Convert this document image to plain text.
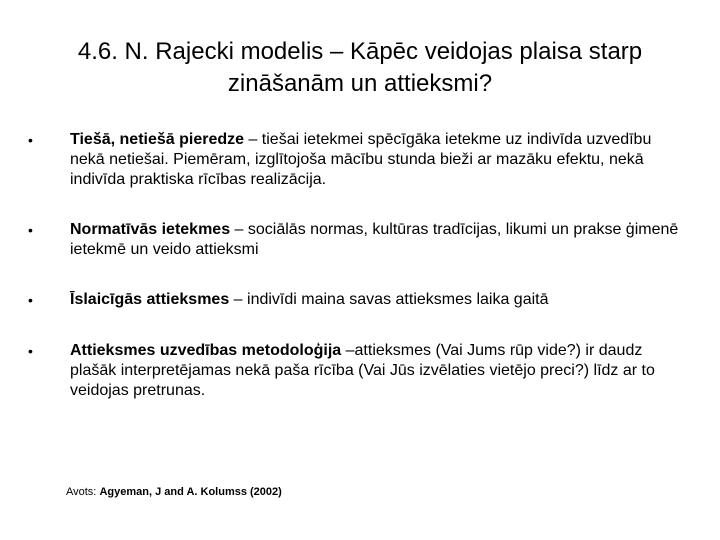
4.6. N. Rajecki modelis – Kāpēc veidojas plaisa starp zināšanām un attieksmi?
• Tiešā, netiešā pieredze – tiešai ietekmei spēcīgāka ietekme uz indivīda uzvedību nekā netiešai. Piemēram, izglītojoša mācību stunda bieži ar mazāku efektu, nekā indivīda praktiska rīcības realizācija.
• Normatīvās ietekmes – sociālās normas, kultūras tradīcijas, likumi un prakse ģimenē ietekmē un veido attieksmi
• Īslaicīgās attieksmes – indivīdi maina savas attieksmes laika gaitā
• Attieksmes uzvedības metodoloģija –attieksmes (Vai Jums rūp vide?) ir daudz plašāk interpretējamas nekā paša rīcība (Vai Jūs izvēlaties vietējo preci?) līdz ar to veidojas pretrunas.
Avots: Agyeman, J and A. Kolumss (2002)
